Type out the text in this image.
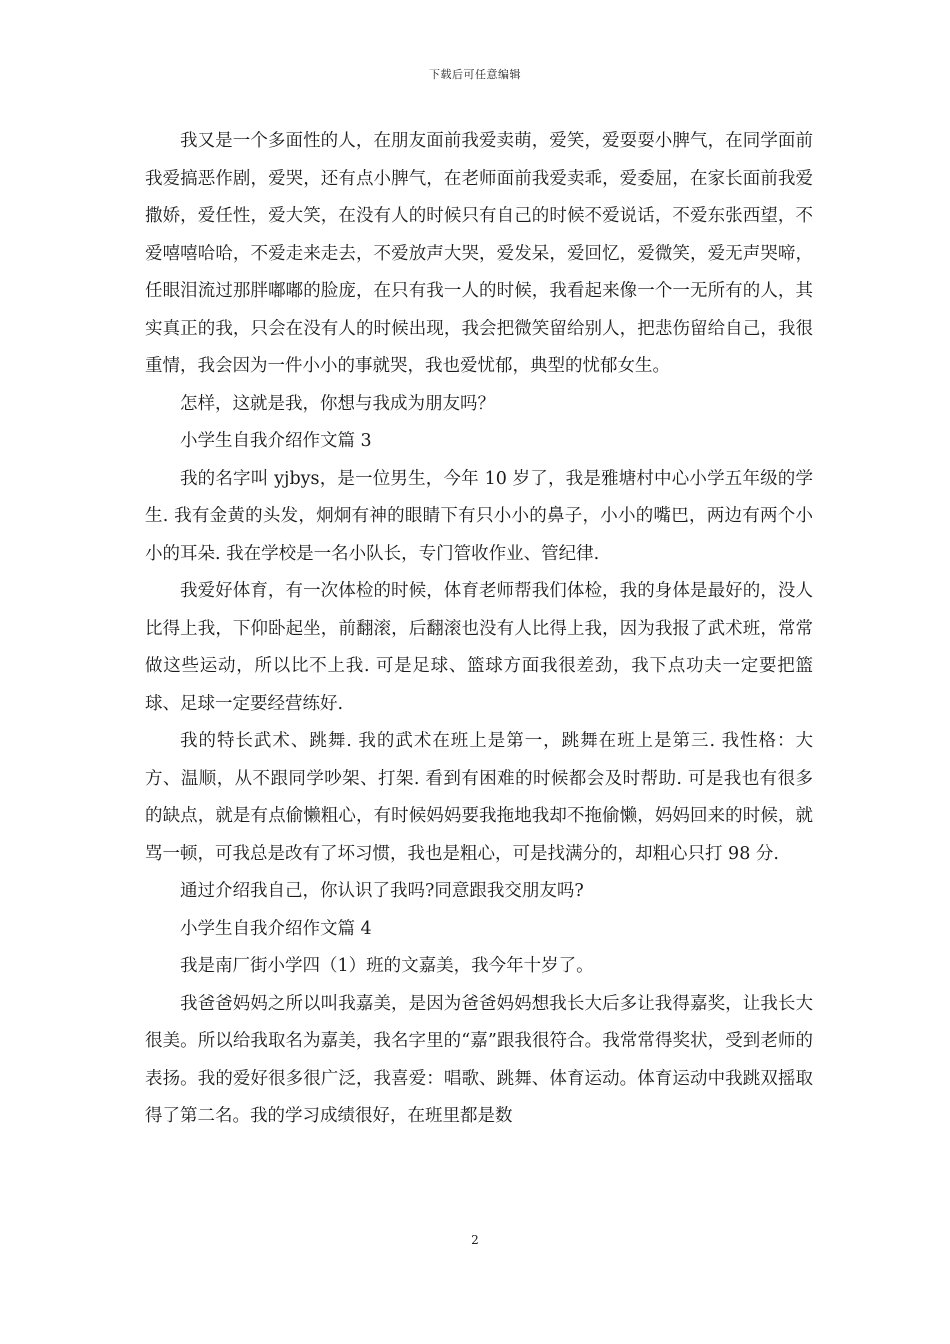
下载后可任意编辑

我又是一个多面性的人，在朋友面前我爱卖萌，爱笑，爱耍耍小脾气，在同学面前我爱搞恶作剧，爱哭，还有点小脾气，在老师面前我爱卖乖，爱委屈，在家长面前我爱撒娇，爱任性，爱大笑，在没有人的时候只有自己的时候不爱说话，不爱东张西望，不爱嘻嘻哈哈，不爱走来走去，不爱放声大哭，爱发呆，爱回忆，爱微笑，爱无声哭啼，任眼泪流过那胖嘟嘟的脸庞，在只有我一人的时候，我看起来像一个一无所有的人，其实真正的我，只会在没有人的时候出现，我会把微笑留给别人，把悲伤留给自己，我很重情，我会因为一件小小的事就哭，我也爱忧郁，典型的忧郁女生。

怎样，这就是我，你想与我成为朋友吗？

小学生自我介绍作文篇 3

我的名字叫 yjbys，是一位男生，今年 10 岁了，我是雅塘村中心小学五年级的学生. 我有金黄的头发，炯炯有神的眼睛下有只小小的鼻子，小小的嘴巴，两边有两个小小的耳朵. 我在学校是一名小队长，专门管收作业、管纪律.

我爱好体育，有一次体检的时候，体育老师帮我们体检，我的身体是最好的，没人比得上我，下仰卧起坐，前翻滚，后翻滚也没有人比得上我，因为我报了武术班，常常做这些运动，所以比不上我. 可是足球、篮球方面我很差劲，我下点功夫一定要把篮球、足球一定要经营练好.

我的特长武术、跳舞. 我的武术在班上是第一，跳舞在班上是第三. 我性格：大方、温顺，从不跟同学吵架、打架. 看到有困难的时候都会及时帮助. 可是我也有很多的缺点，就是有点偷懒粗心，有时候妈妈要我拖地我却不拖偷懒，妈妈回来的时候，就骂一顿，可我总是改有了坏习惯，我也是粗心，可是找满分的，却粗心只打 98 分.

通过介绍我自己，你认识了我吗?同意跟我交朋友吗?

小学生自我介绍作文篇 4

我是南厂街小学四（1）班的文嘉美，我今年十岁了。

我爸爸妈妈之所以叫我嘉美，是因为爸爸妈妈想我长大后多让我得嘉奖，让我长大很美。所以给我取名为嘉美，我名字里的“嘉”跟我很符合。我常常得奖状，受到老师的表扬。我的爱好很多很广泛，我喜爱：唱歌、跳舞、体育运动。体育运动中我跳双摇取得了第二名。我的学习成绩很好，在班里都是数

2
